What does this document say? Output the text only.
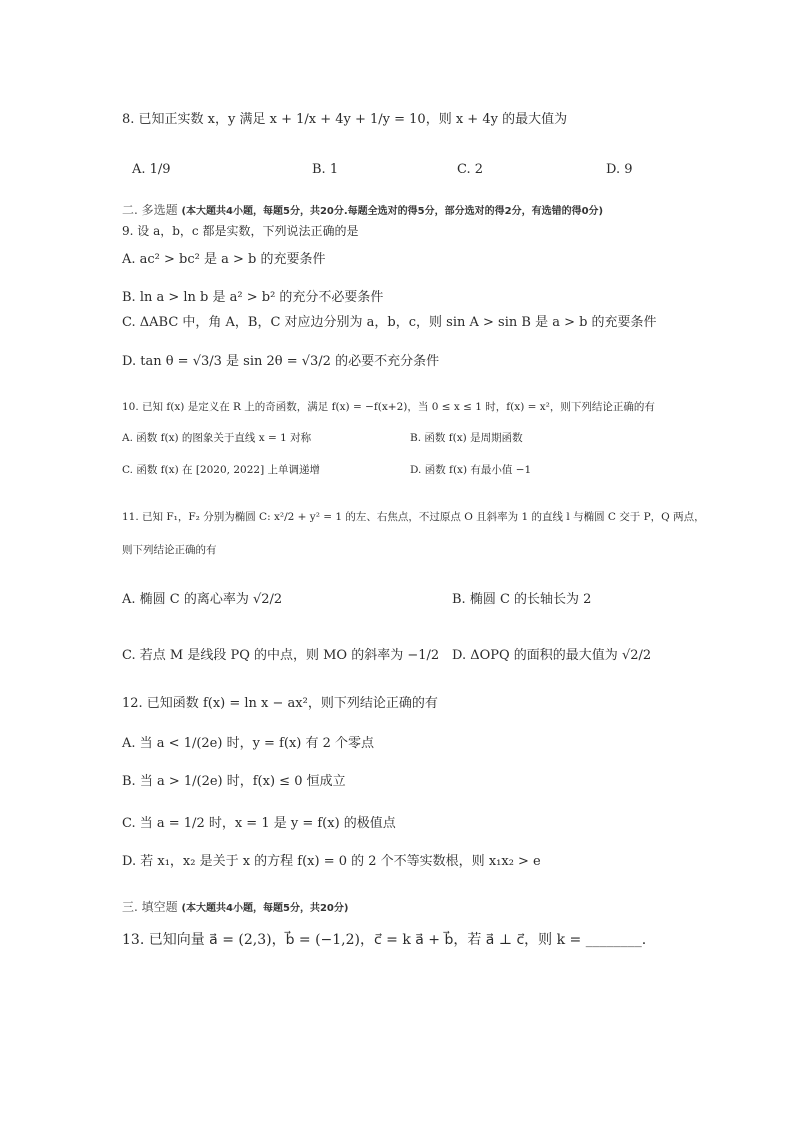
8. 已知正实数 x，y 满足 x + 1/x + 4y + 1/y = 10，则 x + 4y 的最大值为
A. 1/9	B. 1	C. 2	D. 9
二. 多选题 (本大题共4小题，每题5分，共20分.每题全选对的得5分，部分选对的得2分，有选错的得0分)
9. 设 a，b，c 都是实数，下列说法正确的是
A. ac² > bc² 是 a > b 的充要条件
B. ln a > ln b 是 a² > b² 的充分不必要条件
C. ΔABC 中，角 A，B，C 对应边分别为 a，b，c，则 sin A > sin B 是 a > b 的充要条件
D. tan θ = √3/3 是 sin 2θ = √3/2 的必要不充分条件
10. 已知 f(x) 是定义在 R 上的奇函数，满足 f(x) = −f(x+2)，当 0 ≤ x ≤ 1 时，f(x) = x²，则下列结论正确的有
A. 函数 f(x) 的图象关于直线 x = 1 对称	B. 函数 f(x) 是周期函数
C. 函数 f(x) 在 [2020, 2022] 上单调递增	D. 函数 f(x) 有最小值 −1
11. 已知 F₁，F₂ 分别为椭圆 C: x²/2 + y² = 1 的左、右焦点，不过原点 O 且斜率为 1 的直线 l 与椭圆 C 交于 P，Q 两点，
则下列结论正确的有
A. 椭圆 C 的离心率为 √2/2	B. 椭圆 C 的长轴长为 2
C. 若点 M 是线段 PQ 的中点，则 MO 的斜率为 −1/2 D. ΔOPQ 的面积的最大值为 √2/2
12. 已知函数 f(x) = ln x − ax²，则下列结论正确的有
A. 当 a < 1/(2e) 时，y = f(x) 有 2 个零点
B. 当 a > 1/(2e) 时，f(x) ≤ 0 恒成立
C. 当 a = 1/2 时，x = 1 是 y = f(x) 的极值点
D. 若 x₁，x₂ 是关于 x 的方程 f(x) = 0 的 2 个不等实数根，则 x₁x₂ > e
三. 填空题 (本大题共4小题，每题5分，共20分)
13. 已知向量 a⃗ = (2,3)，b⃗ = (−1,2)，c⃗ = k a⃗ + b⃗，若 a⃗ ⊥ c⃗，则 k = ________.
